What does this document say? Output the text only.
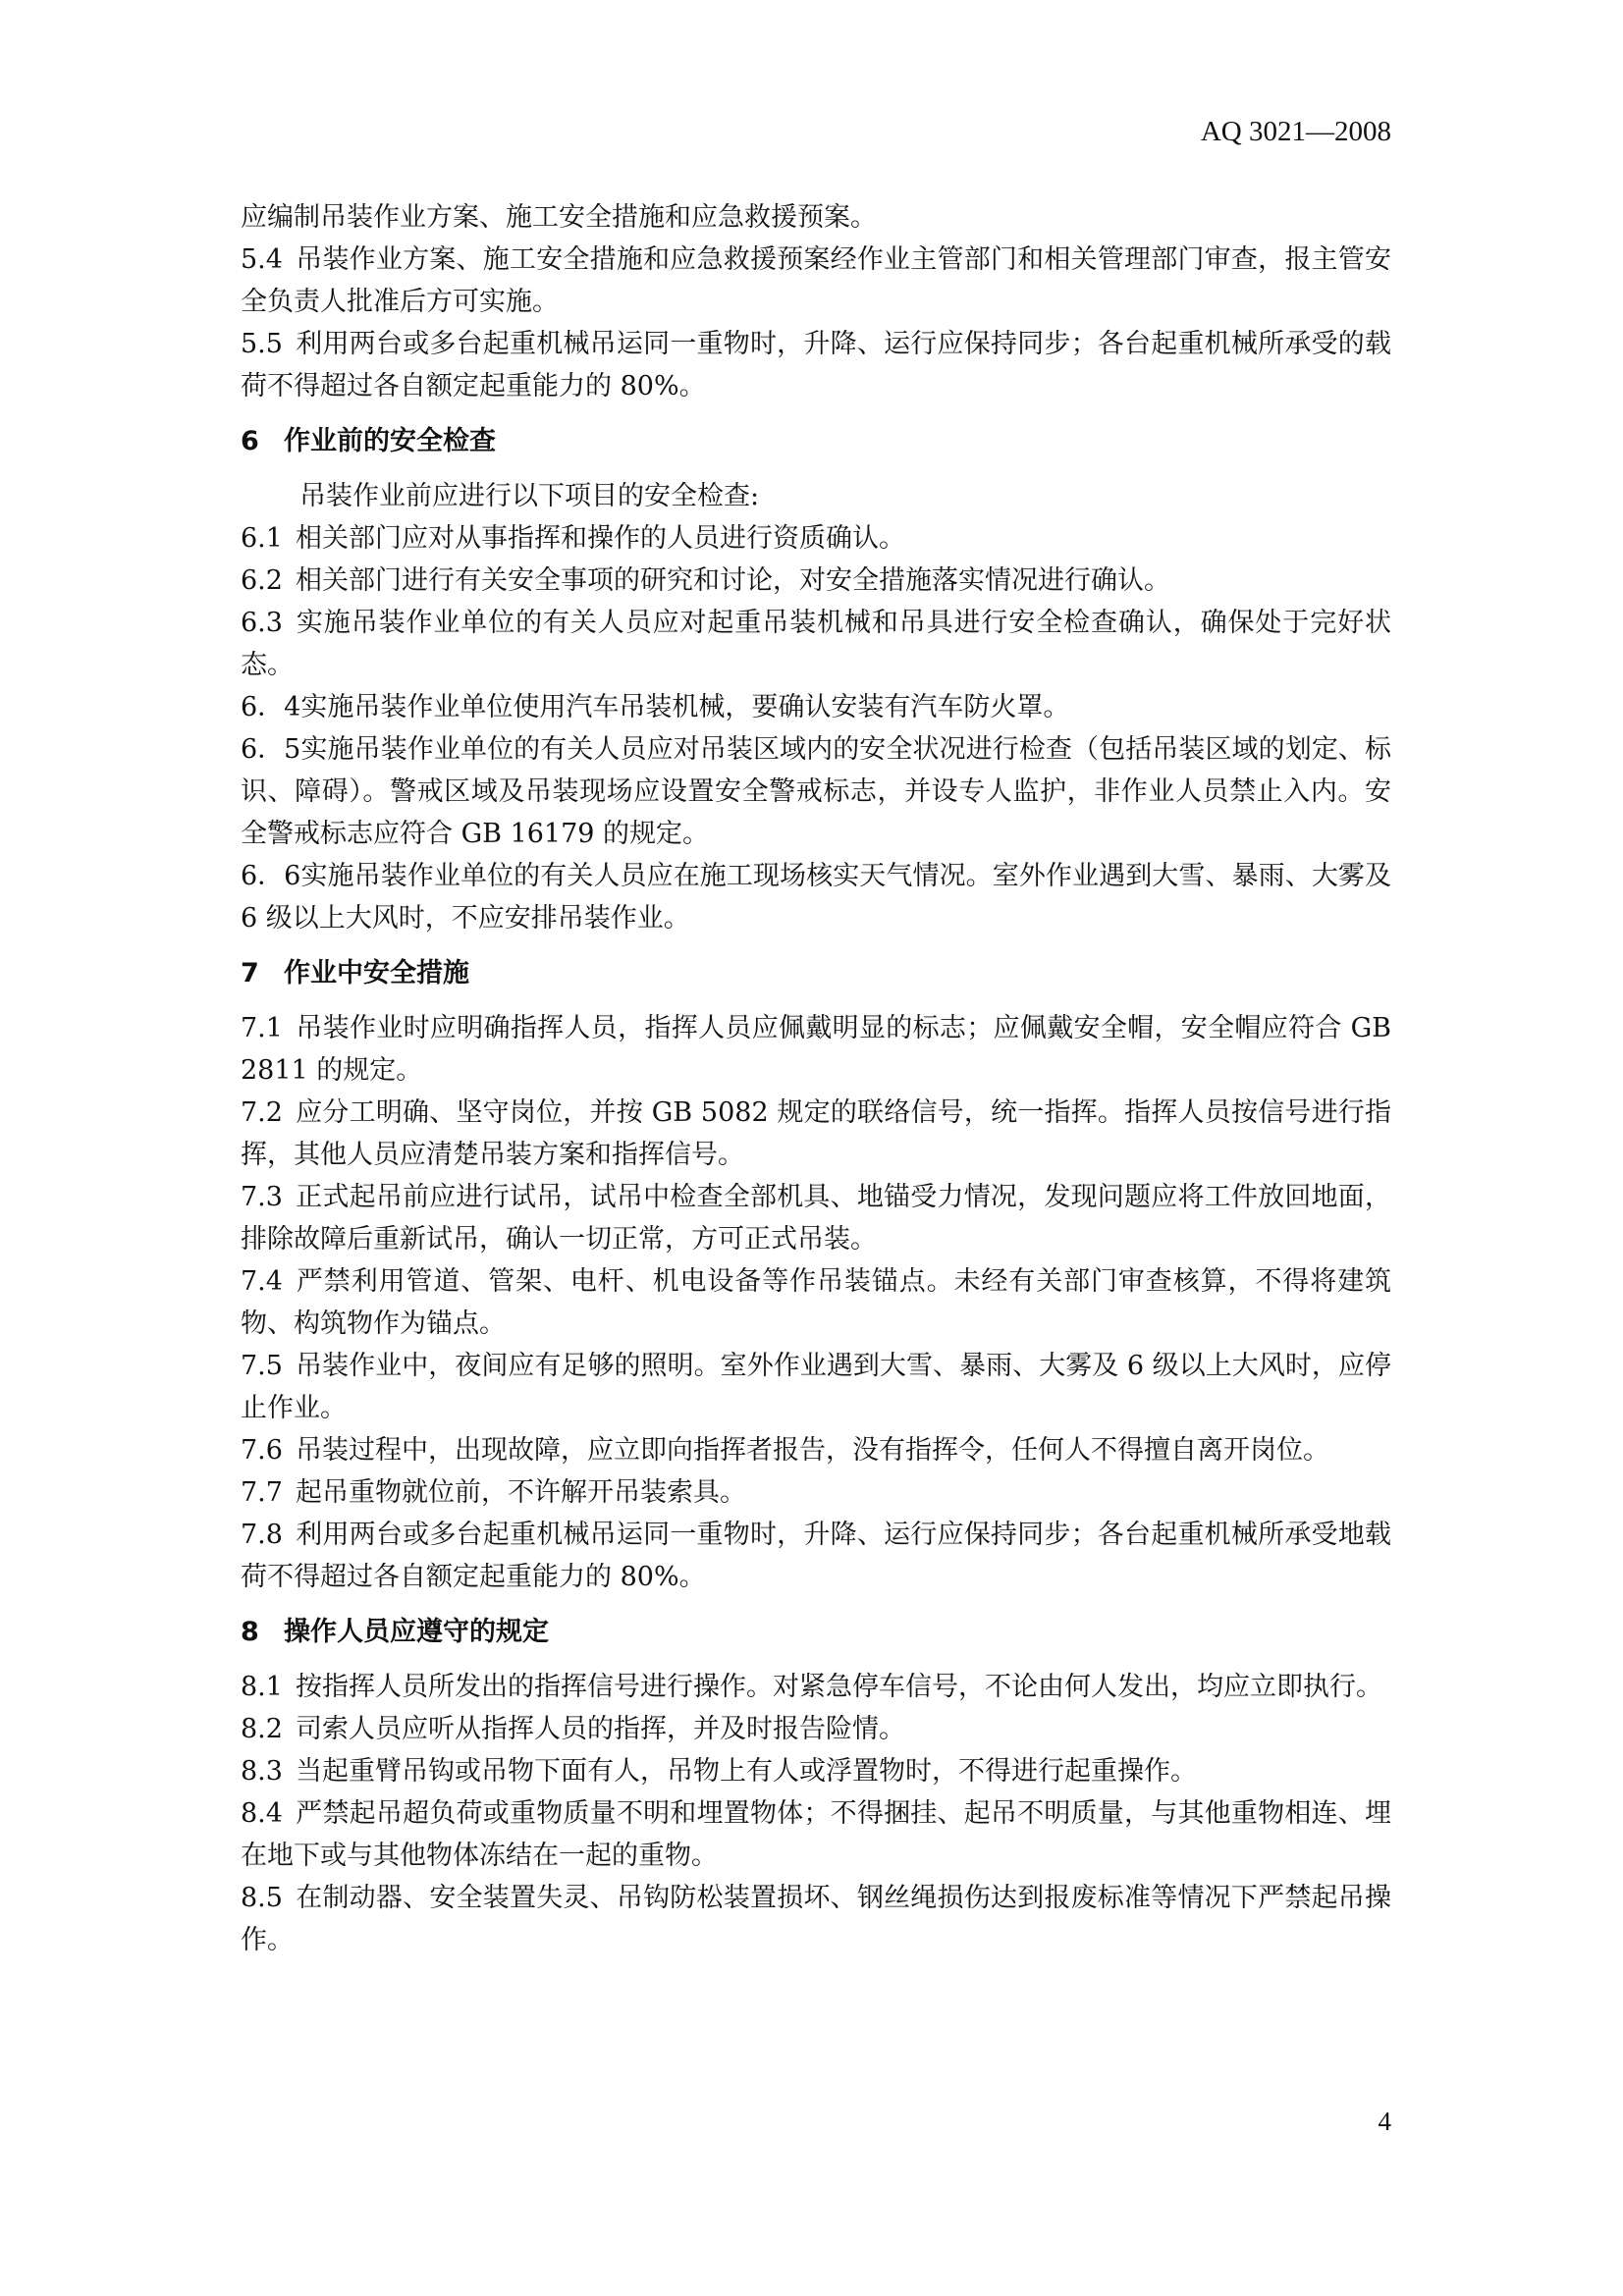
AQ 3021—2008
应编制吊装作业方案、施工安全措施和应急救援预案。
5.4 吊装作业方案、施工安全措施和应急救援预案经作业主管部门和相关管理部门审查，报主管安全负责人批准后方可实施。
5.5 利用两台或多台起重机械吊运同一重物时，升降、运行应保持同步；各台起重机械所承受的载荷不得超过各自额定起重能力的 80%。
6 作业前的安全检查
吊装作业前应进行以下项目的安全检查:
6.1 相关部门应对从事指挥和操作的人员进行资质确认。
6.2 相关部门进行有关安全事项的研究和讨论，对安全措施落实情况进行确认。
6.3 实施吊装作业单位的有关人员应对起重吊装机械和吊具进行安全检查确认，确保处于完好状态。
6．4实施吊装作业单位使用汽车吊装机械，要确认安装有汽车防火罩。
6．5实施吊装作业单位的有关人员应对吊装区域内的安全状况进行检查（包括吊装区域的划定、标识、障碍）。警戒区域及吊装现场应设置安全警戒标志，并设专人监护，非作业人员禁止入内。安全警戒标志应符合 GB 16179 的规定。
6．6实施吊装作业单位的有关人员应在施工现场核实天气情况。室外作业遇到大雪、暴雨、大雾及 6 级以上大风时，不应安排吊装作业。
7 作业中安全措施
7.1 吊装作业时应明确指挥人员，指挥人员应佩戴明显的标志；应佩戴安全帽，安全帽应符合 GB 2811 的规定。
7.2 应分工明确、坚守岗位，并按 GB 5082 规定的联络信号，统一指挥。指挥人员按信号进行指挥，其他人员应清楚吊装方案和指挥信号。
7.3 正式起吊前应进行试吊，试吊中检查全部机具、地锚受力情况，发现问题应将工件放回地面，排除故障后重新试吊，确认一切正常，方可正式吊装。
7.4 严禁利用管道、管架、电杆、机电设备等作吊装锚点。未经有关部门审查核算，不得将建筑物、构筑物作为锚点。
7.5 吊装作业中，夜间应有足够的照明。室外作业遇到大雪、暴雨、大雾及 6 级以上大风时，应停止作业。
7.6 吊装过程中，出现故障，应立即向指挥者报告，没有指挥令，任何人不得擅自离开岗位。
7.7 起吊重物就位前，不许解开吊装索具。
7.8 利用两台或多台起重机械吊运同一重物时，升降、运行应保持同步；各台起重机械所承受地载荷不得超过各自额定起重能力的 80%。
8 操作人员应遵守的规定
8.1 按指挥人员所发出的指挥信号进行操作。对紧急停车信号，不论由何人发出，均应立即执行。
8.2 司索人员应听从指挥人员的指挥，并及时报告险情。
8.3 当起重臂吊钩或吊物下面有人，吊物上有人或浮置物时，不得进行起重操作。
8.4 严禁起吊超负荷或重物质量不明和埋置物体；不得捆挂、起吊不明质量，与其他重物相连、埋在地下或与其他物体冻结在一起的重物。
8.5 在制动器、安全装置失灵、吊钩防松装置损坏、钢丝绳损伤达到报废标准等情况下严禁起吊操作。
4
